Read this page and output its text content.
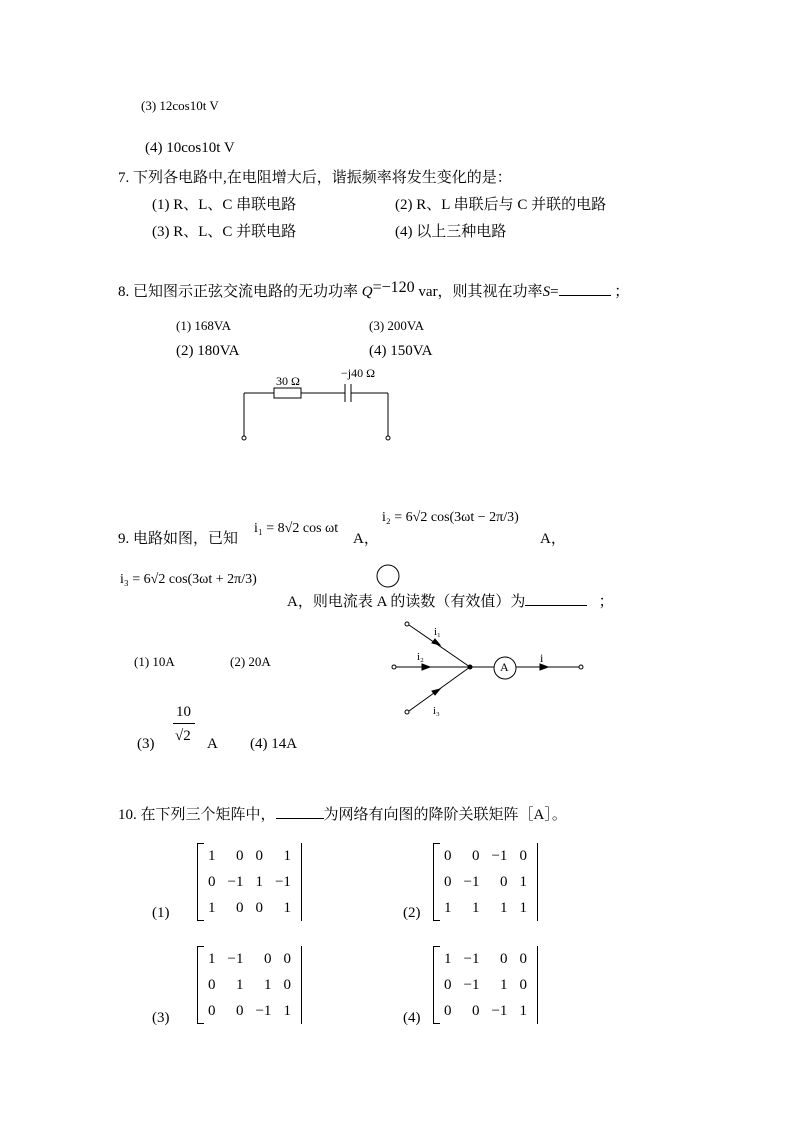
(3) 12cos10t V
(4) 10cos10t V
7. 下列各电路中,在电阻增大后，谐振频率将发生变化的是：
(1) R、L、C 串联电路	(2) R、L 串联后与 C 并联的电路
(3) R、L、C 并联电路	(4) 以上三种电路
8. 已知图示正弦交流电路的无功功率 Q=−120 var，则其视在功率S=	；
(1) 168VA	(3) 200VA
(2) 180VA	(4) 150VA
30 Ω
−j40 Ω
9. 电路如图，已知
i₁ = 8√2 cos ωt
A，
i₂ = 6√2 cos(3ωt − 2π/3)
A，
i₃ = 6√2 cos(3ωt + 2π/3)
A，则电流表 A 的读数（有效值）为	；
i₁
i₂
i₃
i
A
(1) 10A	(2) 20A
(3)
10
√2 A (4) 14A
10. 在下列三个矩阵中，	为网络有向图的降阶关联矩阵［A］。
(1)	(2)
(3)	(4)
1	0	0	1
0	−1	1	−1
1	0	0	1
0	0	−1	0
0	−1	0	1
1	1	1	1
1	−1	0	0
0	1	1	0
0	0	−1	1
1	−1	0	0
0	−1	1	0
0	0	−1	1
